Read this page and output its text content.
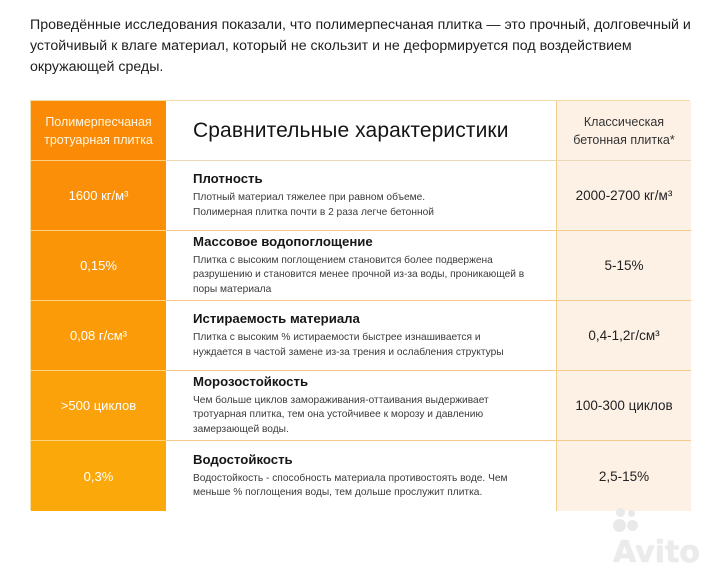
Проведённые исследования показали, что полимерпесчаная плитка — это прочный, долговечный и устойчивый к влаге материал, который не скользит и не деформируется под воздействием окружающей среды.
Полимерпесчаная тротуарная плитка	Сравнительные характеристики	Классическая бетонная плитка*
1600 кг/м³
Плотность
Плотный материал тяжелее при равном объеме. Полимерная плитка почти в 2 раза легче бетонной
2000-2700 кг/м³
0,15%
Массовое водопоглощение
Плитка с высоким поглощением становится более подвержена разрушению и становится менее прочной из-за воды, проникающей в поры материала
5-15%
0,08 г/см³
Истираемость материала
Плитка с высоким % истираемости быстрее изнашивается и нуждается в частой замене из-за трения и ослабления структуры
0,4-1,2г/см³
>500 циклов
Морозостойкость
Чем больше циклов замораживания-оттаивания выдерживает тротуарная плитка, тем она устойчивее к морозу и давлению замерзающей воды.
100-300 циклов
0,3%
Водостойкость
Водостойкость - способность материала противостоять воде. Чем меньше % поглощения воды, тем дольше прослужит плитка.
2,5-15%
Avito
